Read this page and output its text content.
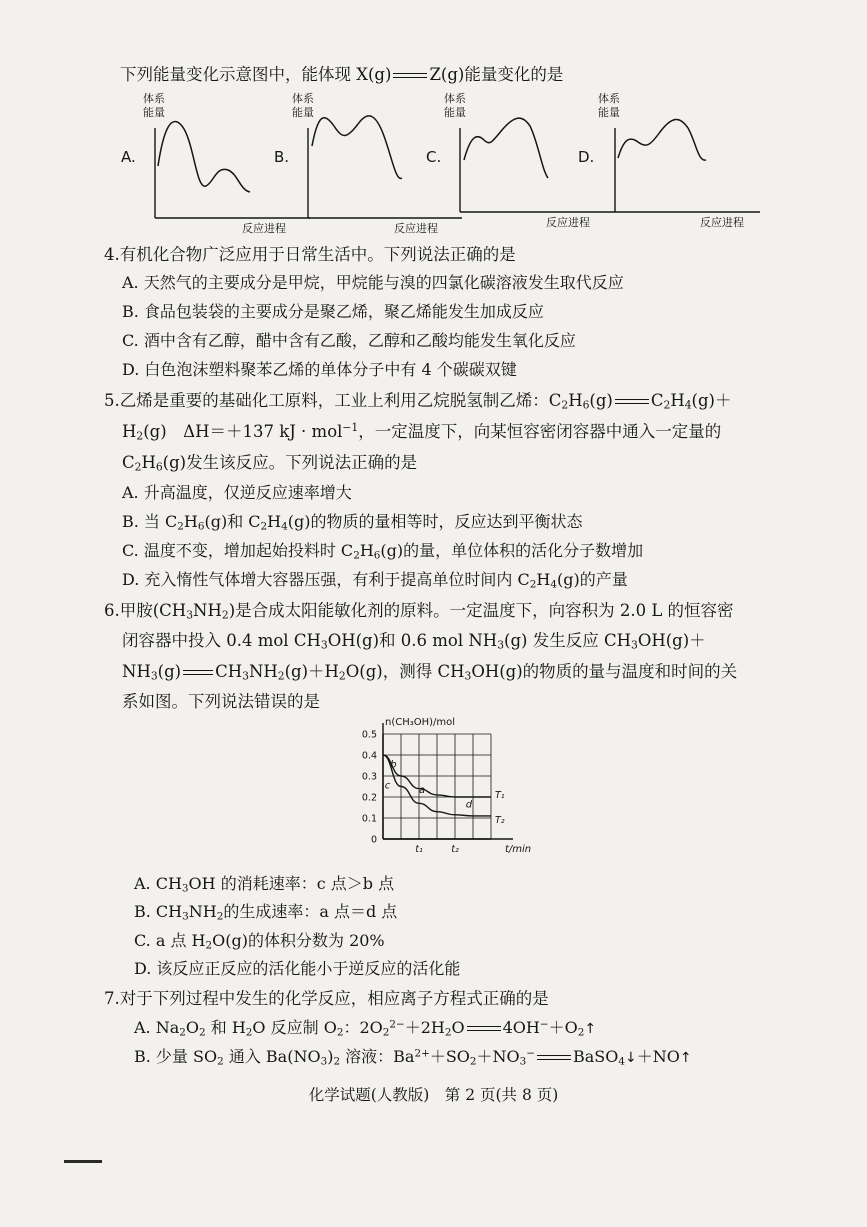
下列能量变化示意图中，能体现 X(g) Z(g)能量变化的是
A.
体系
能量
反应进程
B.
体系
能量
反应进程
C.
体系
能量
反应进程
D.
体系
能量
反应进程
4.有机化合物广泛应用于日常生活中。下列说法正确的是
A. 天然气的主要成分是甲烷，甲烷能与溴的四氯化碳溶液发生取代反应
B. 食品包装袋的主要成分是聚乙烯，聚乙烯能发生加成反应
C. 酒中含有乙醇，醋中含有乙酸，乙醇和乙酸均能发生氧化反应
D. 白色泡沫塑料聚苯乙烯的单体分子中有 4 个碳碳双键
5.乙烯是重要的基础化工原料，工业上利用乙烷脱氢制乙烯：$C_2H_6(g)$ $C_2H_4(g)+$
$H_2(g)$　ΔH＝＋137 kJ · mol$^{-1}$，一定温度下，向某恒容密闭容器中通入一定量的
$C_2H_6(g)$发生该反应。下列说法正确的是
A. 升高温度，仅逆反应速率增大
B. 当 $C_2H_6(g)$和 $C_2H_4(g)$的物质的量相等时，反应达到平衡状态
C. 温度不变，增加起始投料时 $C_2H_6(g)$的量，单位体积的活化分子数增加
D. 充入惰性气体增大容器压强，有利于提高单位时间内 $C_2H_4(g)$的产量
6.甲胺$(CH_3NH_2)$是合成太阳能敏化剂的原料。一定温度下，向容积为 2.0 L 的恒容密
闭容器中投入 0.4 mol $CH_3OH(g)$和 0.6 mol $NH_3(g)$ 发生反应 $CH_3OH(g)+$
$NH_3(g)$ $CH_3NH_2(g)+H_2O(g)$，测得 $CH_3OH(g)$的物质的量与温度和时间的关
系如图。下列说法错误的是
0.5
0.4
0.3
0.2
0.1
0
t₁	t₂
n(CH₃OH)/mol
t/min
T₁
T₂
b
c	a
d
A. $CH_3OH$ 的消耗速率：c 点＞b 点
B. $CH_3NH_2$的生成速率：a 点＝d 点
C. a 点 $H_2O(g)$的体积分数为 20%
D. 该反应正反应的活化能小于逆反应的活化能
7.对于下列过程中发生的化学反应，相应离子方程式正确的是
A. $Na_2O_2$ 和 $H_2O$ 反应制 $O_2$：$2O_2^{2-}+2H_2O$ $4OH^-+O_2↑$
B. 少量 $SO_2$ 通入 $Ba(NO_3)_2$ 溶液：$Ba^{2+}+SO_2+NO_3^-$ BaSO$_4$↓＋NO↑
化学试题(人教版)　第 2 页(共 8 页)
